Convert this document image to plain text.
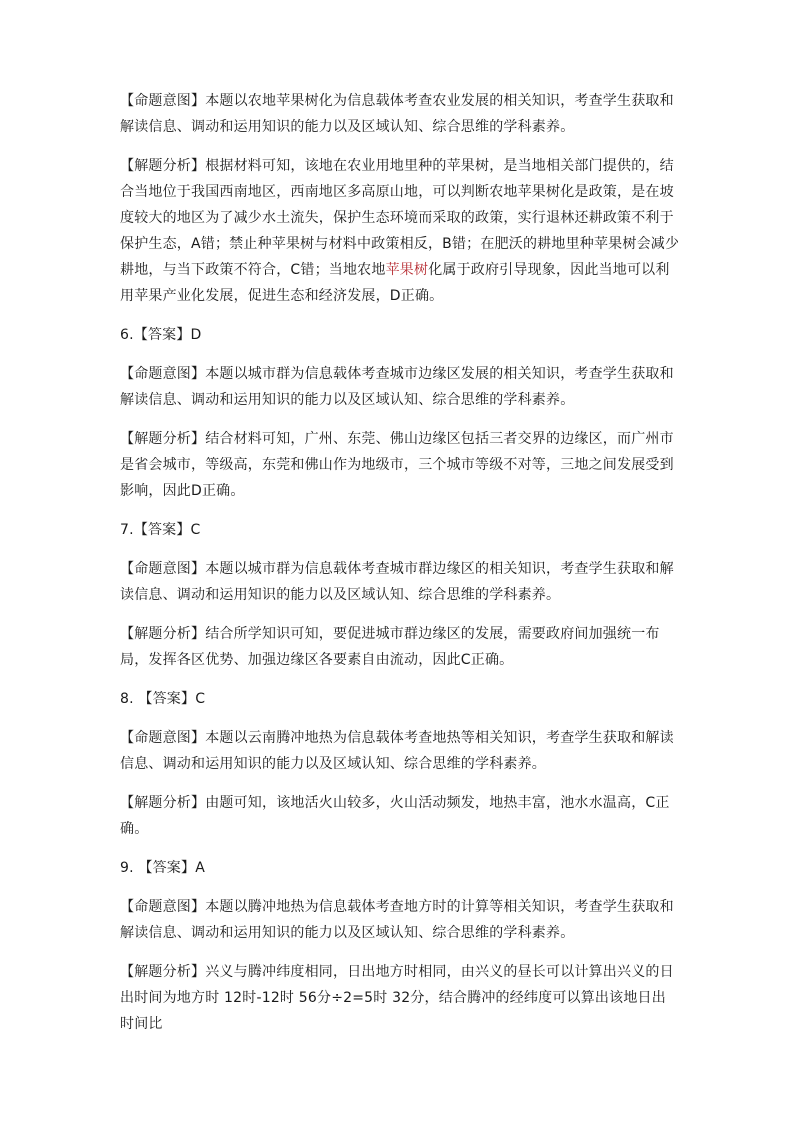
【命题意图】本题以农地苹果树化为信息载体考查农业发展的相关知识，考查学生获取和解读信息、调动和运用知识的能力以及区域认知、综合思维的学科素养。

【解题分析】根据材料可知，该地在农业用地里种的苹果树，是当地相关部门提供的，结合当地位于我国西南地区，西南地区多高原山地，可以判断农地苹果树化是政策，是在坡度较大的地区为了减少水土流失，保护生态环境而采取的政策，实行退林还耕政策不利于保护生态，A错；禁止种苹果树与材料中政策相反，B错；在肥沃的耕地里种苹果树会减少耕地，与当下政策不符合，C错；当地农地苹果树化属于政府引导现象，因此当地可以利用苹果产业化发展，促进生态和经济发展，D正确。

6.【答案】D

【命题意图】本题以城市群为信息载体考查城市边缘区发展的相关知识，考查学生获取和解读信息、调动和运用知识的能力以及区域认知、综合思维的学科素养。

【解题分析】结合材料可知，广州、东莞、佛山边缘区包括三者交界的边缘区，而广州市是省会城市，等级高，东莞和佛山作为地级市，三个城市等级不对等，三地之间发展受到影响，因此D正确。

7.【答案】C

【命题意图】本题以城市群为信息载体考查城市群边缘区的相关知识，考查学生获取和解读信息、调动和运用知识的能力以及区域认知、综合思维的学科素养。

【解题分析】结合所学知识可知，要促进城市群边缘区的发展，需要政府间加强统一布局，发挥各区优势、加强边缘区各要素自由流动，因此C正确。

8. 【答案】C

【命题意图】本题以云南腾冲地热为信息载体考查地热等相关知识，考查学生获取和解读信息、调动和运用知识的能力以及区域认知、综合思维的学科素养。

【解题分析】由题可知，该地活火山较多，火山活动频发，地热丰富，池水水温高，C正确。

9. 【答案】A

【命题意图】本题以腾冲地热为信息载体考查地方时的计算等相关知识，考查学生获取和解读信息、调动和运用知识的能力以及区域认知、综合思维的学科素养。

【解题分析】兴义与腾冲纬度相同，日出地方时相同，由兴义的昼长可以计算出兴义的日出时间为地方时 12时-12时 56分÷2=5时 32分，结合腾冲的经纬度可以算出该地日出时间比
